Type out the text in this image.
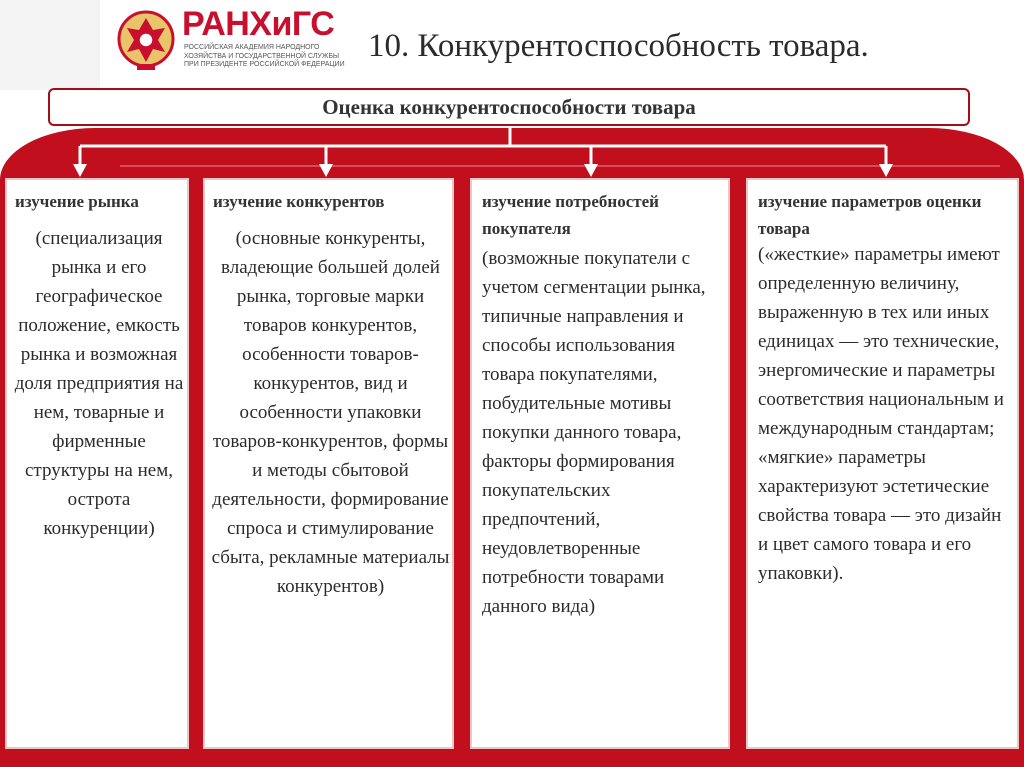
РАНХиГС
РОССИЙСКАЯ АКАДЕМИЯ НАРОДНОГО ХОЗЯЙСТВА И ГОСУДАРСТВЕННОЙ СЛУЖБЫ ПРИ ПРЕЗИДЕНТЕ РОССИЙСКОЙ ФЕДЕРАЦИИ
10. Конкурентоспособность товара.
Оценка конкурентоспособности товара
изучение рынка
(специализация рынка и его географическое положение, емкость рынка и возможная доля предприятия на нем, товарные и фирменные структуры на нем, острота конкуренции)
изучение конкурентов
(основные конкуренты, владеющие большей долей рынка, торговые марки товаров конкурентов, особенности товаров-конкурентов, вид и особенности упаковки товаров-конкурентов, формы и методы сбытовой деятельности, формирование спроса и стимулирование сбыта, рекламные материалы конкурентов)
изучение потребностей покупателя
(возможные покупатели с учетом сегментации рынка, типичные направления и способы использования товара покупателями, побудительные мотивы покупки данного товара, факторы формирования покупательских предпочтений, неудовлетворенные потребности товарами данного вида)
изучение параметров оценки товара
(«жесткие» параметры имеют определенную величину, выраженную в тех или иных единицах — это технические, энергомические и параметры соответствия национальным и международным стандартам; «мягкие» параметры характеризуют эстетические свойства товара — это дизайн и цвет самого товара и его упаковки).
